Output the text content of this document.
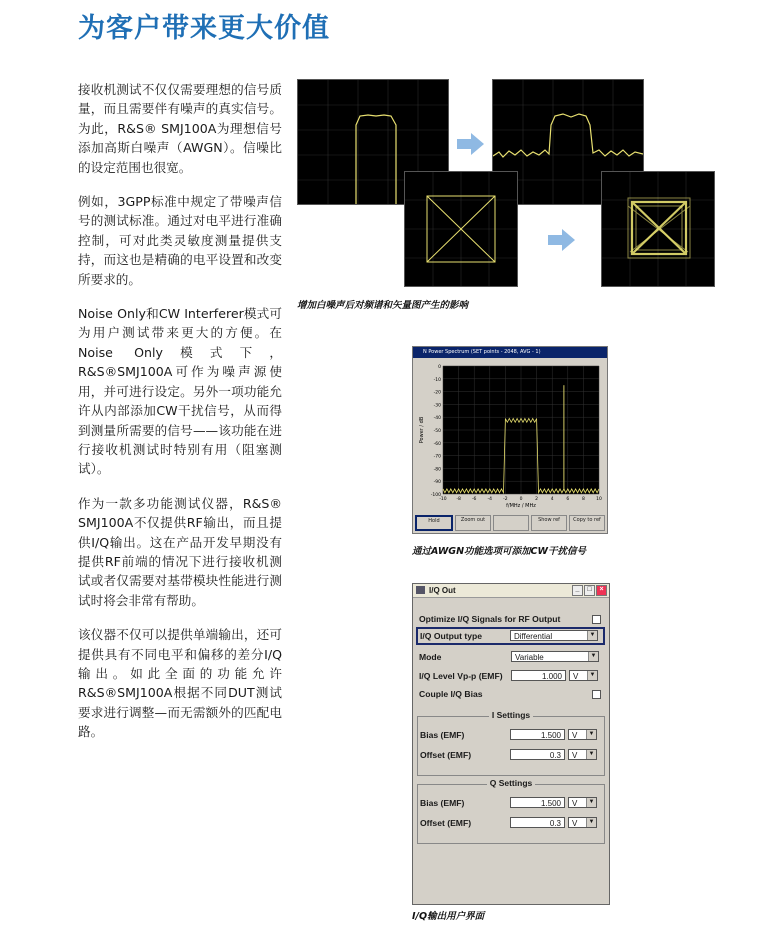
为客户带来更大价值

接收机测试不仅仅需要理想的信号质量，而且需要伴有噪声的真实信号。为此，R&S® SMJ100A为理想信号添加高斯白噪声（AWGN）。信噪比的设定范围也很宽。

例如，3GPP标准中规定了带噪声信号的测试标准。通过对电平进行准确控制，可对此类灵敏度测量提供支持，而这也是精确的电平设置和改变所要求的。

Noise Only和CW Interferer模式可为用户测试带来更大的方便。在Noise Only模式下，R&S®SMJ100A可作为噪声源使用，并可进行设定。另外一项功能允许从内部添加CW干扰信号，从而得到测量所需要的信号——该功能在进行接收机测试时特别有用（阻塞测试）。

作为一款多功能测试仪器，R&S® SMJ100A不仅提供RF输出，而且提供I/Q输出。这在产品开发早期没有提供RF前端的情况下进行接收机测试或者仅需要对基带模块性能进行测试时将会非常有帮助。

该仪器不仅可以提供单端输出，还可提供具有不同电平和偏移的差分I/Q输出。如此全面的功能允许R&S®SMJ100A根据不同DUT测试要求进行调整—而无需额外的匹配电路。

增加白噪声后对频谱和矢量图产生的影响
N Power Spectrum (SET points - 2048, AVG - 1)
0
-10
-20
-30
-40
-50
-60
-70
-80
-90
-100
-10 -8 -6 -4 -2	0	2	4	6	8	10
Power / dB
f/MHz / MHz
Hold	Zoom out	Show ref	Copy to ref
通过AWGN功能选项可添加CW干扰信号
I/Q Out	_	□	×
Optimize I/Q Signals for RF Output
I/Q Output type	Differential	▼
Mode	Variable	▼
I/Q Level Vp-p (EMF)	1.000	V	▼
Couple I/Q Bias
I Settings
Bias (EMF)	1.500	V	▼
Offset (EMF)	0.3	V	▼
Q Settings
Bias (EMF)	1.500	V	▼
Offset (EMF)	0.3	V	▼
I/Q输出用户界面
